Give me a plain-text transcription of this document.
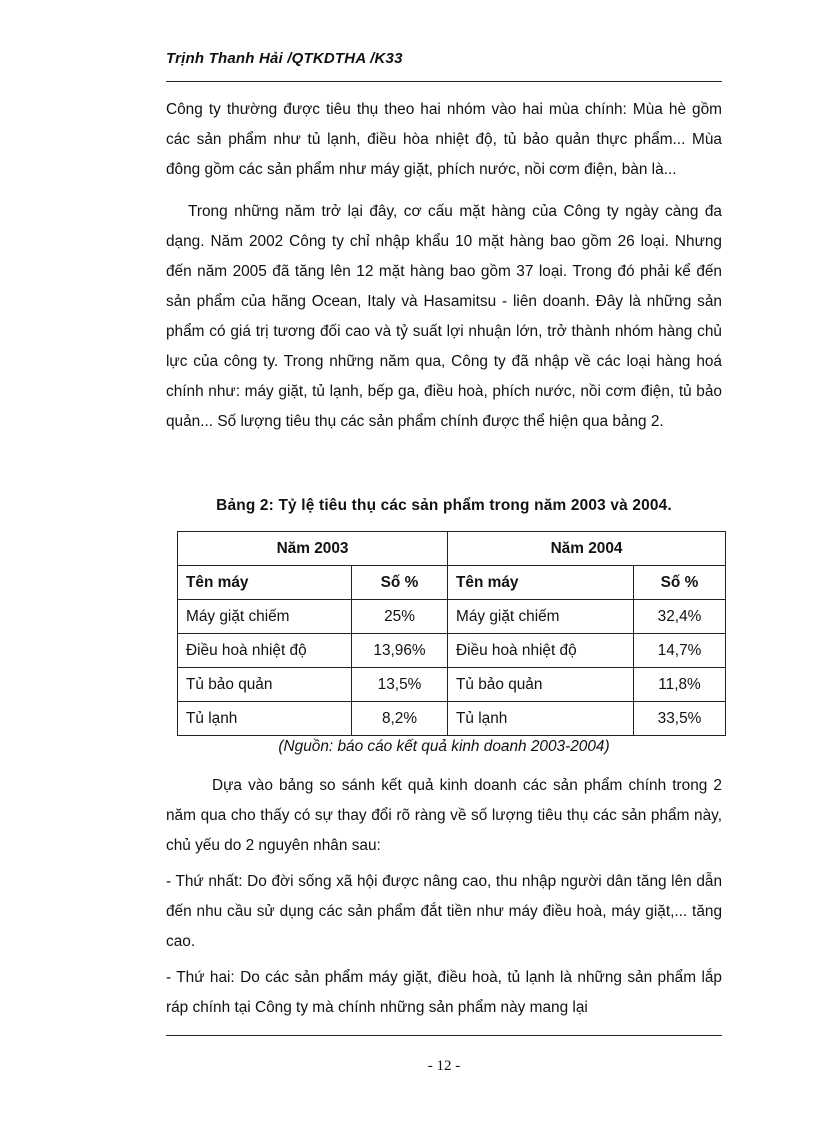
Trịnh Thanh Hải /QTKDTHA /K33

Công ty thường được tiêu thụ theo hai nhóm vào hai mùa chính: Mùa hè gồm các sản phẩm như tủ lạnh, điều hòa nhiệt độ, tủ bảo quản thực phẩm... Mùa đông gồm các sản phẩm như máy giặt, phích nước, nồi cơm điện, bàn là...

Trong những năm trở lại đây, cơ cấu mặt hàng của Công ty ngày càng đa dạng. Năm 2002 Công ty chỉ nhập khẩu 10 mặt hàng bao gồm 26 loại. Nhưng đến năm 2005 đã tăng lên 12 mặt hàng bao gồm 37 loại. Trong đó phải kể đến sản phẩm của hãng Ocean, Italy và Hasamitsu - liên doanh. Đây là những sản phẩm có giá trị tương đối cao và tỷ suất lợi nhuận lớn, trở thành nhóm hàng chủ lực của công ty. Trong những năm qua, Công ty đã nhập về các loại hàng hoá chính như: máy giặt, tủ lạnh, bếp ga, điều hoà, phích nước, nồi cơm điện, tủ bảo quản... Số lượng tiêu thụ các sản phẩm chính được thể hiện qua bảng 2.

Bảng 2: Tỷ lệ tiêu thụ các sản phẩm trong năm 2003 và 2004.
Năm 2003		Năm 2004	
Tên máy	Số %	Tên máy	Số %
Máy giặt chiếm	25%	Máy giặt chiếm	32,4%
Điều hoà nhiệt độ	13,96%	Điều hoà nhiệt độ	14,7%
Tủ bảo quản	13,5%	Tủ bảo quản	11,8%
Tủ lạnh	8,2%	Tủ lạnh	33,5%
(Nguồn: báo cáo kết quả kinh doanh 2003-2004)

Dựa vào bảng so sánh kết quả kinh doanh các sản phẩm chính trong 2 năm qua cho thấy có sự thay đổi rõ ràng về số lượng tiêu thụ các sản phẩm này, chủ yếu do 2 nguyên nhân sau:

- Thứ nhất: Do đời sống xã hội được nâng cao, thu nhập người dân tăng lên dẫn đến nhu cầu sử dụng các sản phẩm đắt tiền như máy điều hoà, máy giặt,... tăng cao.

- Thứ hai: Do các sản phẩm máy giặt, điều hoà, tủ lạnh là những sản phẩm lắp ráp chính tại Công ty mà chính những sản phẩm này mang lại

- 12 -
